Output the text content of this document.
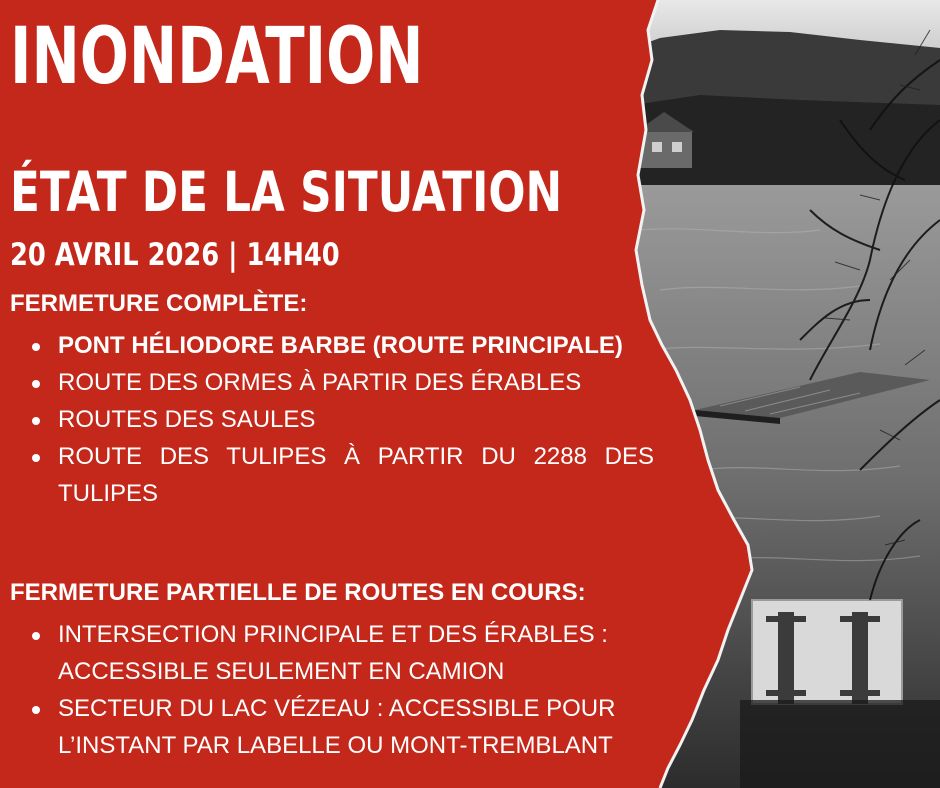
INONDATION
ÉTAT DE LA SITUATION
20 AVRIL 2026 | 14H40
FERMETURE COMPLÈTE:
PONT HÉLIODORE BARBE (ROUTE PRINCIPALE)
ROUTE DES ORMES À PARTIR DES ÉRABLES
ROUTES DES SAULES
ROUTE DES TULIPES À PARTIR DU 2288 DES TULIPES
FERMETURE PARTIELLE DE ROUTES EN COURS:
INTERSECTION PRINCIPALE ET DES ÉRABLES : ACCESSIBLE SEULEMENT EN CAMION
SECTEUR DU LAC VÉZEAU : ACCESSIBLE POUR L’INSTANT PAR LABELLE OU MONT-TREMBLANT
